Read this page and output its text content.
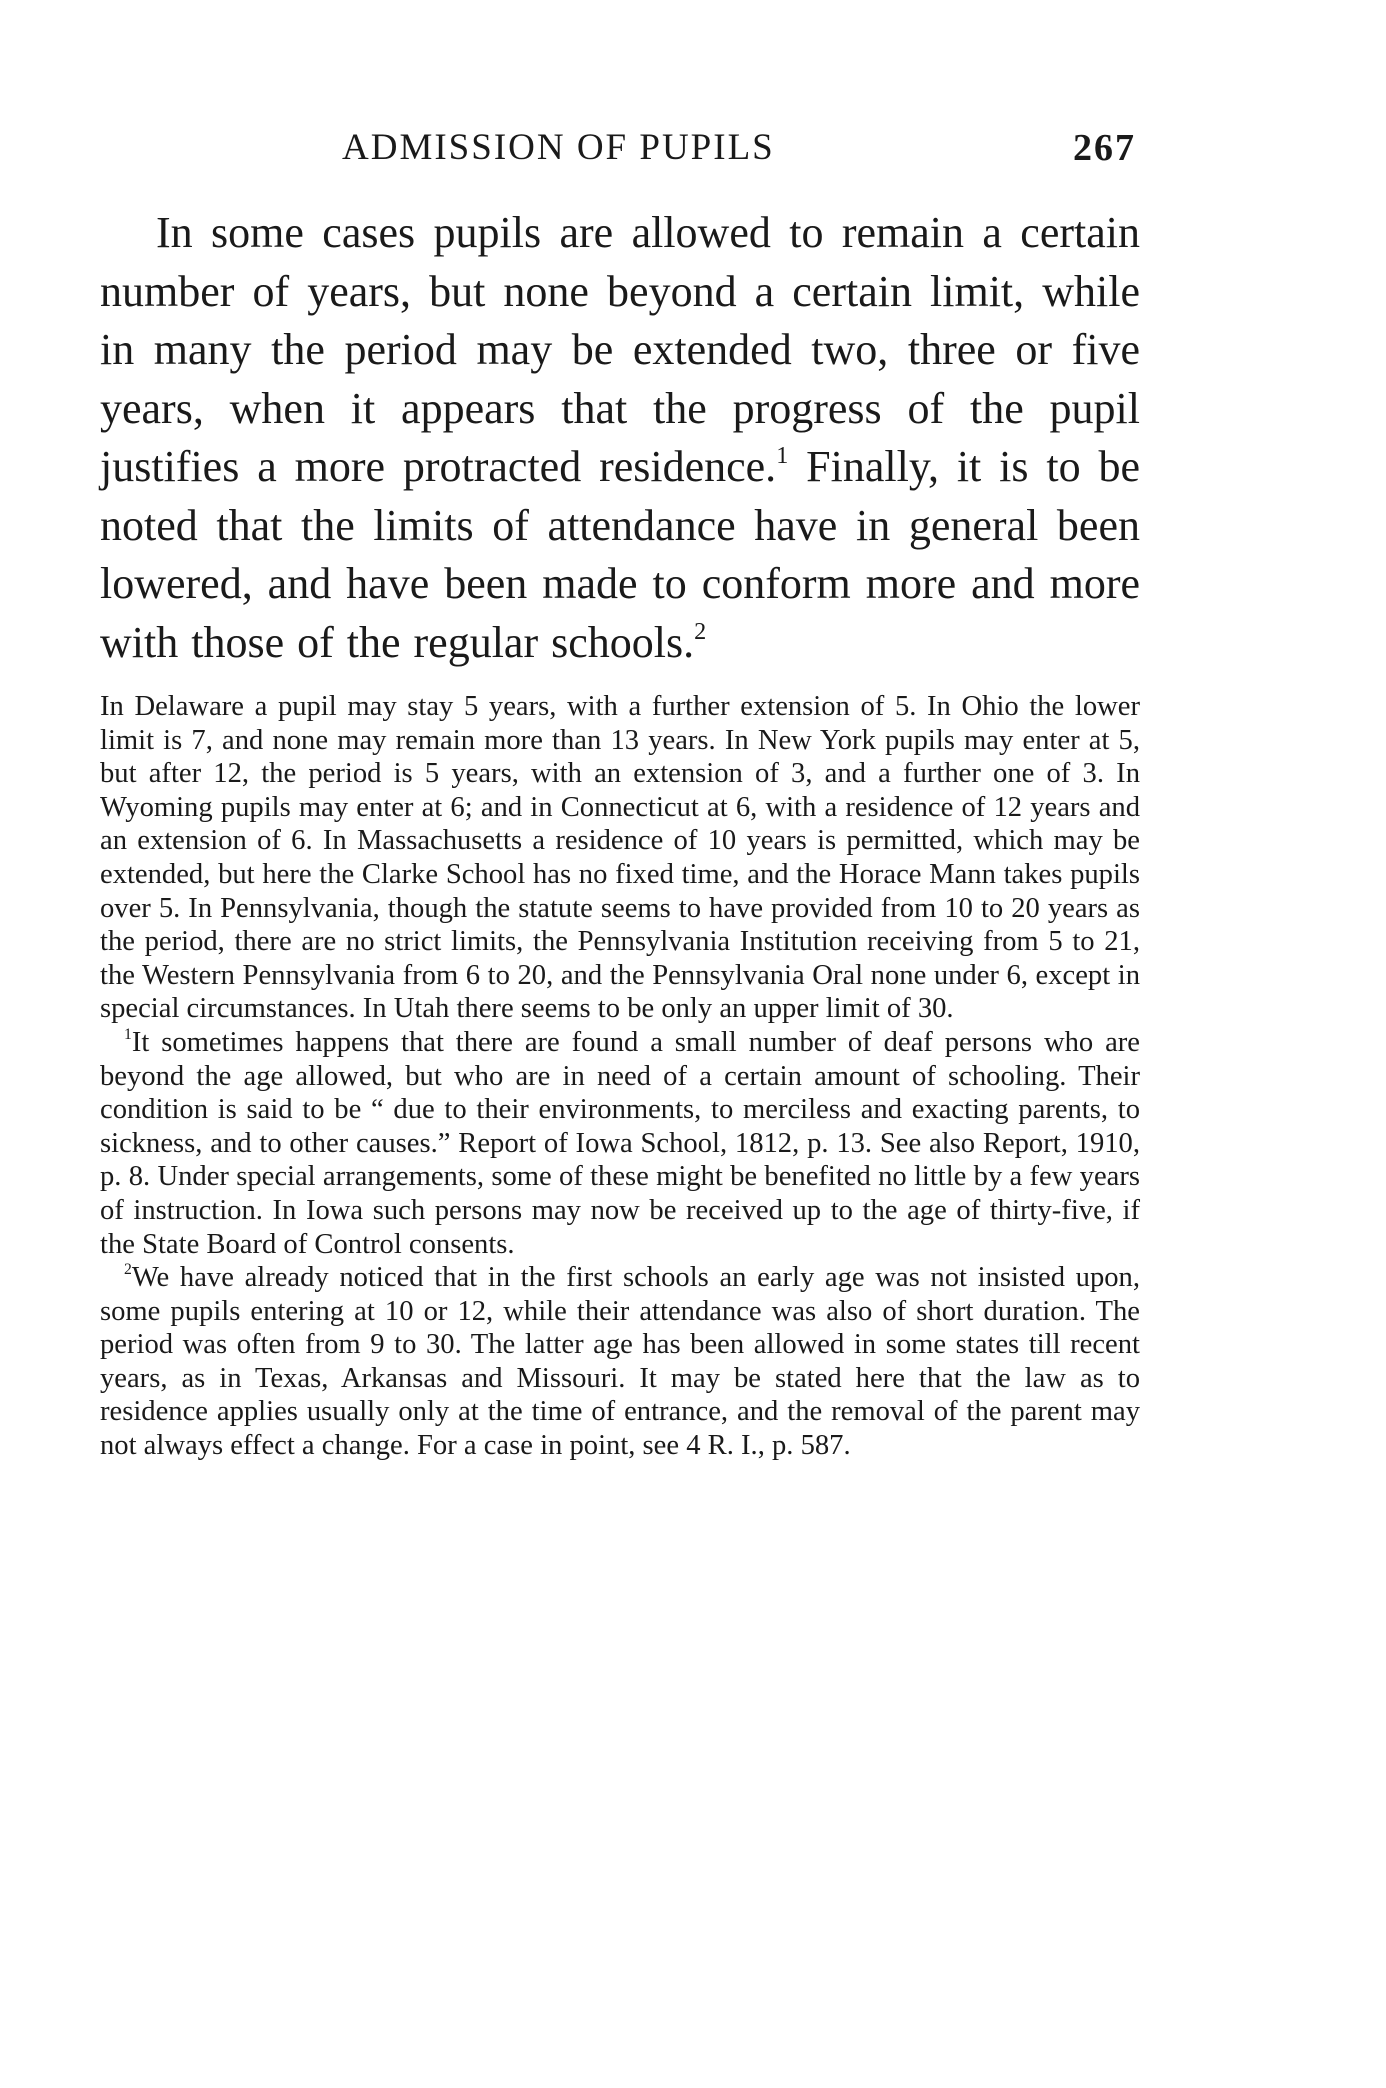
ADMISSION OF PUPILS	267

In some cases pupils are allowed to remain a certain number of years, but none beyond a certain limit, while in many the period may be extended two, three or five years, when it appears that the progress of the pupil justifies a more protracted residence.$^1$ Finally, it is to be noted that the limits of attendance have in general been lowered, and have been made to conform more and more with those of the regular schools.$^2$

In Delaware a pupil may stay 5 years, with a further extension of 5. In Ohio the lower limit is 7, and none may remain more than 13 years. In New York pupils may enter at 5, but after 12, the period is 5 years, with an extension of 3, and a further one of 3. In Wyoming pupils may enter at 6; and in Connecticut at 6, with a residence of 12 years and an extension of 6. In Massachusetts a residence of 10 years is permitted, which may be extended, but here the Clarke School has no fixed time, and the Horace Mann takes pupils over 5. In Pennsylvania, though the statute seems to have provided from 10 to 20 years as the period, there are no strict limits, the Pennsylvania Institution receiving from 5 to 21, the Western Pennsylvania from 6 to 20, and the Pennsylvania Oral none under 6, except in special circumstances. In Utah there seems to be only an upper limit of 30.

$^1$It sometimes happens that there are found a small number of deaf persons who are beyond the age allowed, but who are in need of a certain amount of schooling. Their condition is said to be “ due to their environments, to merciless and exacting parents, to sickness, and to other causes.” Report of Iowa School, 1812, p. 13. See also Report, 1910, p. 8. Under special arrangements, some of these might be benefited no little by a few years of instruction. In Iowa such persons may now be received up to the age of thirty-five, if the State Board of Control consents.

$^2$We have already noticed that in the first schools an early age was not insisted upon, some pupils entering at 10 or 12, while their attendance was also of short duration. The period was often from 9 to 30. The latter age has been allowed in some states till recent years, as in Texas, Arkansas and Missouri. It may be stated here that the law as to residence applies usually only at the time of entrance, and the removal of the parent may not always effect a change. For a case in point, see 4 R. I., p. 587.
